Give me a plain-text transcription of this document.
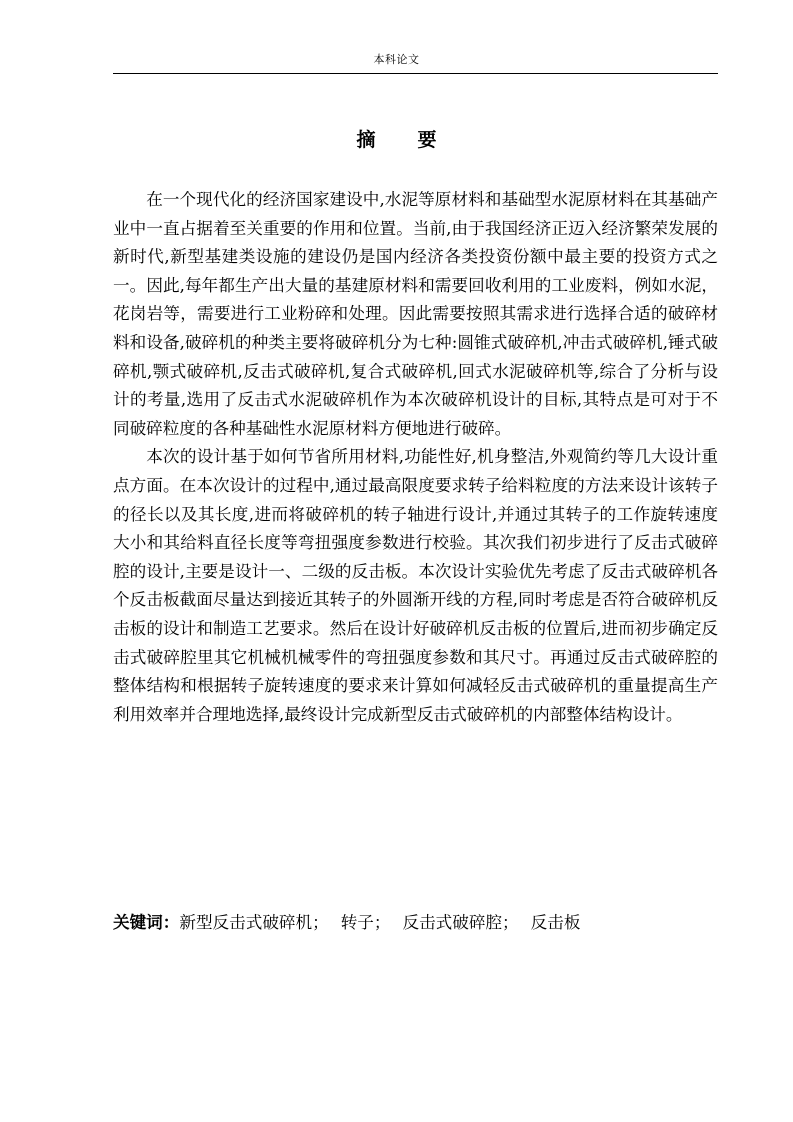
本科论文
摘 要

在一个现代化的经济国家建设中,水泥等原材料和基础型水泥原材料在其基础产业中一直占据着至关重要的作用和位置。当前,由于我国经济正迈入经济繁荣发展的新时代,新型基建类设施的建设仍是国内经济各类投资份额中最主要的投资方式之一。因此,每年都生产出大量的基建原材料和需要回收利用的工业废料，例如水泥，花岗岩等，需要进行工业粉碎和处理。因此需要按照其需求进行选择合适的破碎材料和设备,破碎机的种类主要将破碎机分为七种:圆锥式破碎机,冲击式破碎机,锤式破碎机,颚式破碎机,反击式破碎机,复合式破碎机,回式水泥破碎机等,综合了分析与设计的考量,选用了反击式水泥破碎机作为本次破碎机设计的目标,其特点是可对于不同破碎粒度的各种基础性水泥原材料方便地进行破碎。

本次的设计基于如何节省所用材料,功能性好,机身整洁,外观简约等几大设计重点方面。在本次设计的过程中,通过最高限度要求转子给料粒度的方法来设计该转子的径长以及其长度,进而将破碎机的转子轴进行设计,并通过其转子的工作旋转速度大小和其给料直径长度等弯扭强度参数进行校验。其次我们初步进行了反击式破碎腔的设计,主要是设计一、二级的反击板。本次设计实验优先考虑了反击式破碎机各个反击板截面尽量达到接近其转子的外圆渐开线的方程,同时考虑是否符合破碎机反击板的设计和制造工艺要求。然后在设计好破碎机反击板的位置后,进而初步确定反击式破碎腔里其它机械机械零件的弯扭强度参数和其尺寸。再通过反击式破碎腔的整体结构和根据转子旋转速度的要求来计算如何减轻反击式破碎机的重量提高生产利用效率并合理地选择,最终设计完成新型反击式破碎机的内部整体结构设计。

关键词：新型反击式破碎机； 转子； 反击式破碎腔； 反击板
